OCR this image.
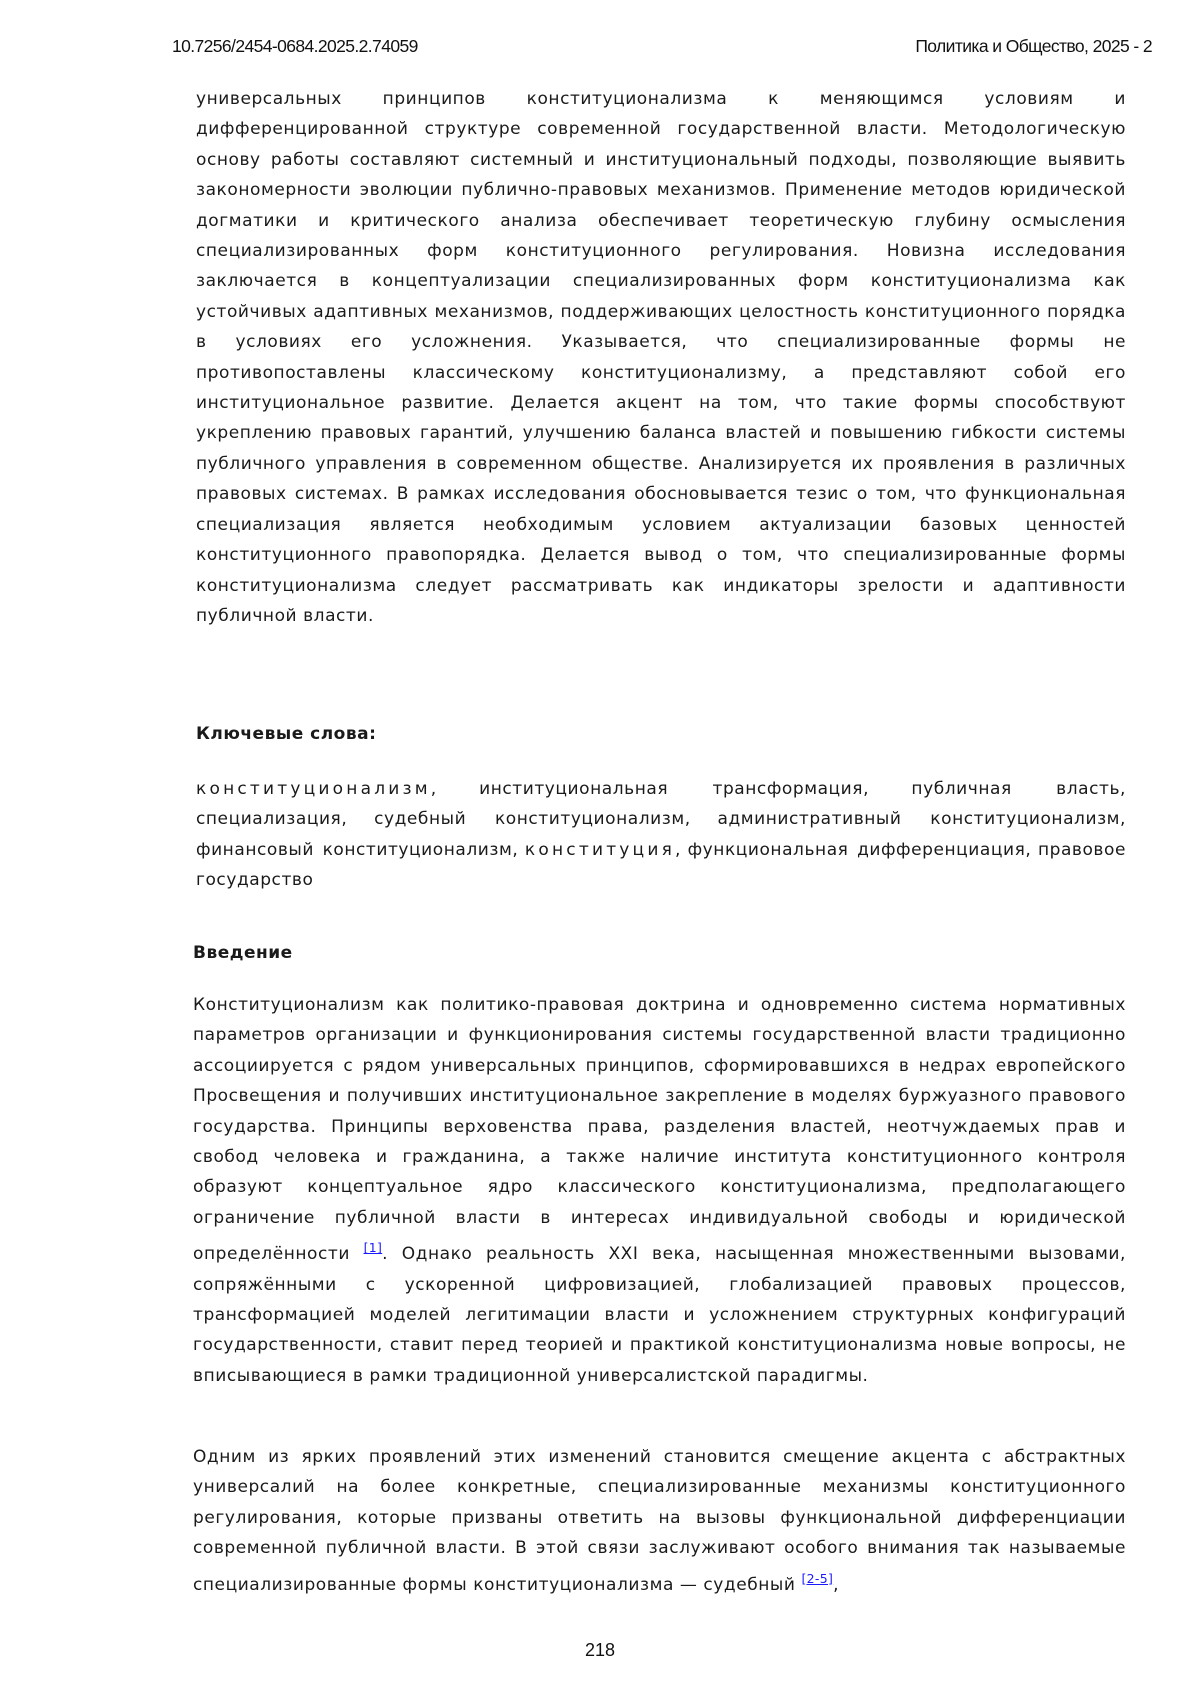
10.7256/2454-0684.2025.2.74059	Политика и Общество, 2025 - 2

универсальных принципов конституционализма к меняющимся условиям и дифференцированной структуре современной государственной власти. Методологическую основу работы составляют системный и институциональный подходы, позволяющие выявить закономерности эволюции публично-правовых механизмов. Применение методов юридической догматики и критического анализа обеспечивает теоретическую глубину осмысления специализированных форм конституционного регулирования. Новизна исследования заключается в концептуализации специализированных форм конституционализма как устойчивых адаптивных механизмов, поддерживающих целостность конституционного порядка в условиях его усложнения. Указывается, что специализированные формы не противопоставлены классическому конституционализму, а представляют собой его институциональное развитие. Делается акцент на том, что такие формы способствуют укреплению правовых гарантий, улучшению баланса властей и повышению гибкости системы публичного управления в современном обществе. Анализируется их проявления в различных правовых системах. В рамках исследования обосновывается тезис о том, что функциональная специализация является необходимым условием актуализации базовых ценностей конституционного правопорядка. Делается вывод о том, что специализированные формы конституционализма следует рассматривать как индикаторы зрелости и адаптивности публичной власти.

Ключевые слова:

конституционализм, институциональная трансформация, публичная власть, специализация, судебный конституционализм, административный конституционализм, финансовый конституционализм, конституция, функциональная дифференциация, правовое государство

Введение

Конституционализм как политико-правовая доктрина и одновременно система нормативных параметров организации и функционирования системы государственной власти традиционно ассоциируется с рядом универсальных принципов, сформировавшихся в недрах европейского Просвещения и получивших институциональное закрепление в моделях буржуазного правового государства. Принципы верховенства права, разделения властей, неотчуждаемых прав и свобод человека и гражданина, а также наличие института конституционного контроля образуют концептуальное ядро классического конституционализма, предполагающего ограничение публичной власти в интересах индивидуальной свободы и юридической определённости [1]. Однако реальность XXI века, насыщенная множественными вызовами, сопряжёнными с ускоренной цифровизацией, глобализацией правовых процессов, трансформацией моделей легитимации власти и усложнением структурных конфигураций государственности, ставит перед теорией и практикой конституционализма новые вопросы, не вписывающиеся в рамки традиционной универсалистской парадигмы.

Одним из ярких проявлений этих изменений становится смещение акцента с абстрактных универсалий на более конкретные, специализированные механизмы конституционного регулирования, которые призваны ответить на вызовы функциональной дифференциации современной публичной власти. В этой связи заслуживают особого внимания так называемые специализированные формы конституционализма — судебный [2-5],

218
